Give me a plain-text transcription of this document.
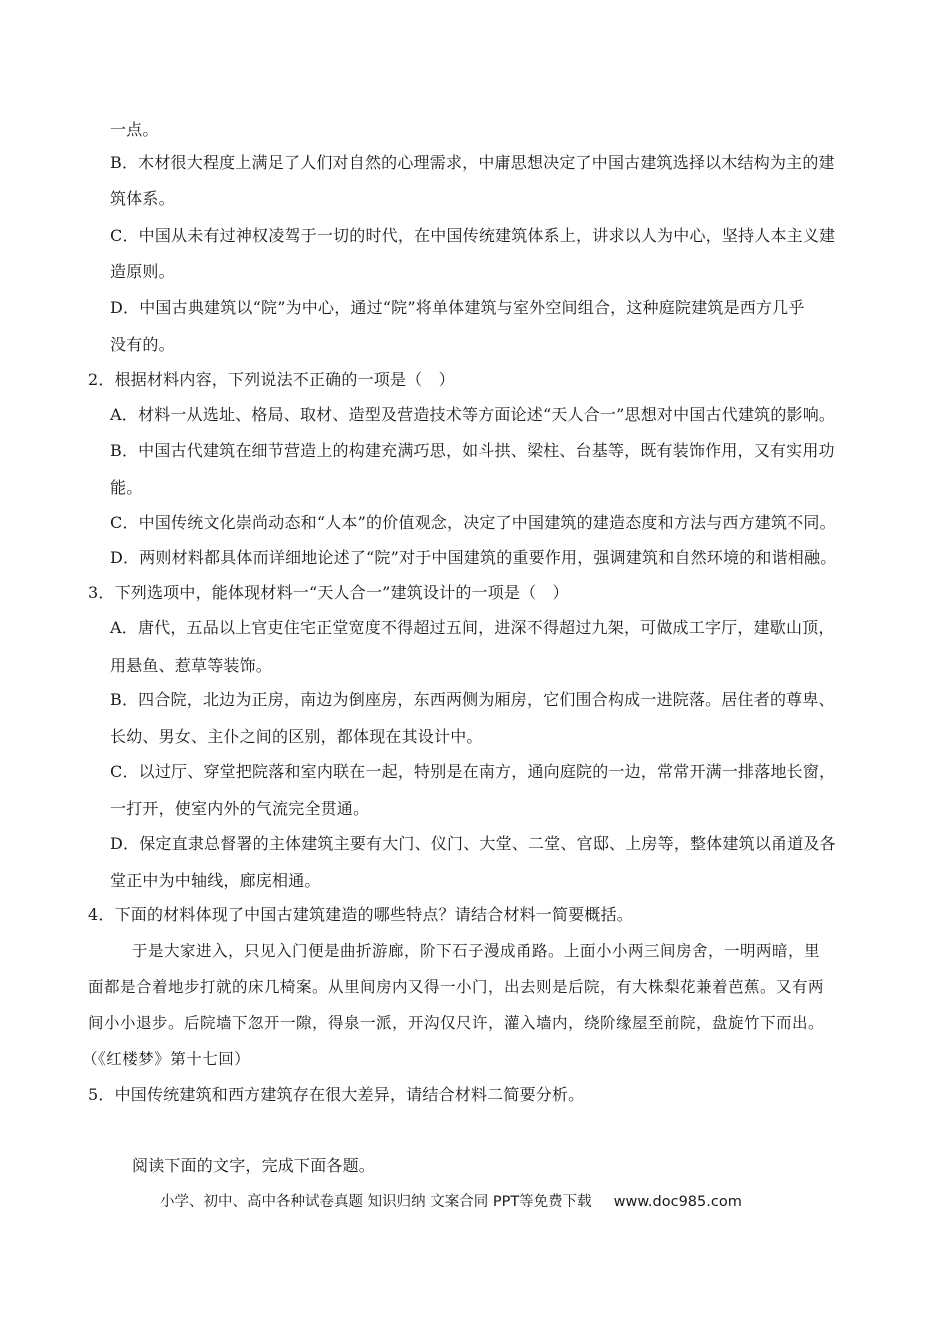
一点。
B．木材很大程度上满足了人们对自然的心理需求，中庸思想决定了中国古建筑选择以木结构为主的建
筑体系。
C．中国从未有过神权凌驾于一切的时代，在中国传统建筑体系上，讲求以人为中心，坚持人本主义建
造原则。
D．中国古典建筑以“院”为中心，通过“院”将单体建筑与室外空间组合，这种庭院建筑是西方几乎
没有的。
2．根据材料内容，下列说法不正确的一项是（　）
A．材料一从选址、格局、取材、造型及营造技术等方面论述“天人合一”思想对中国古代建筑的影响。
B．中国古代建筑在细节营造上的构建充满巧思，如斗拱、梁柱、台基等，既有装饰作用，又有实用功
能。
C．中国传统文化崇尚动态和“人本”的价值观念，决定了中国建筑的建造态度和方法与西方建筑不同。
D．两则材料都具体而详细地论述了“院”对于中国建筑的重要作用，强调建筑和自然环境的和谐相融。
3．下列选项中，能体现材料一“天人合一”建筑设计的一项是（　）
A．唐代，五品以上官吏住宅正堂宽度不得超过五间，进深不得超过九架，可做成工字厅，建歇山顶，
用悬鱼、惹草等装饰。
B．四合院，北边为正房，南边为倒座房，东西两侧为厢房，它们围合构成一进院落。居住者的尊卑、
长幼、男女、主仆之间的区别，都体现在其设计中。
C．以过厅、穿堂把院落和室内联在一起，特别是在南方，通向庭院的一边，常常开满一排落地长窗，
一打开，使室内外的气流完全贯通。
D．保定直隶总督署的主体建筑主要有大门、仪门、大堂、二堂、官邸、上房等，整体建筑以甬道及各
堂正中为中轴线，廊庑相通。
4．下面的材料体现了中国古建筑建造的哪些特点？请结合材料一简要概括。
于是大家进入，只见入门便是曲折游廊，阶下石子漫成甬路。上面小小两三间房舍，一明两暗，里
面都是合着地步打就的床几椅案。从里间房内又得一小门，出去则是后院，有大株梨花兼着芭蕉。又有两
间小小退步。后院墙下忽开一隙，得泉一派，开沟仅尺许，灌入墙内，绕阶缘屋至前院，盘旋竹下而出。
（《红楼梦》第十七回）
5．中国传统建筑和西方建筑存在很大差异，请结合材料二简要分析。
阅读下面的文字，完成下面各题。
小学、初中、高中各种试卷真题 知识归纳 文案合同 PPT等免费下载 www.doc985.com
